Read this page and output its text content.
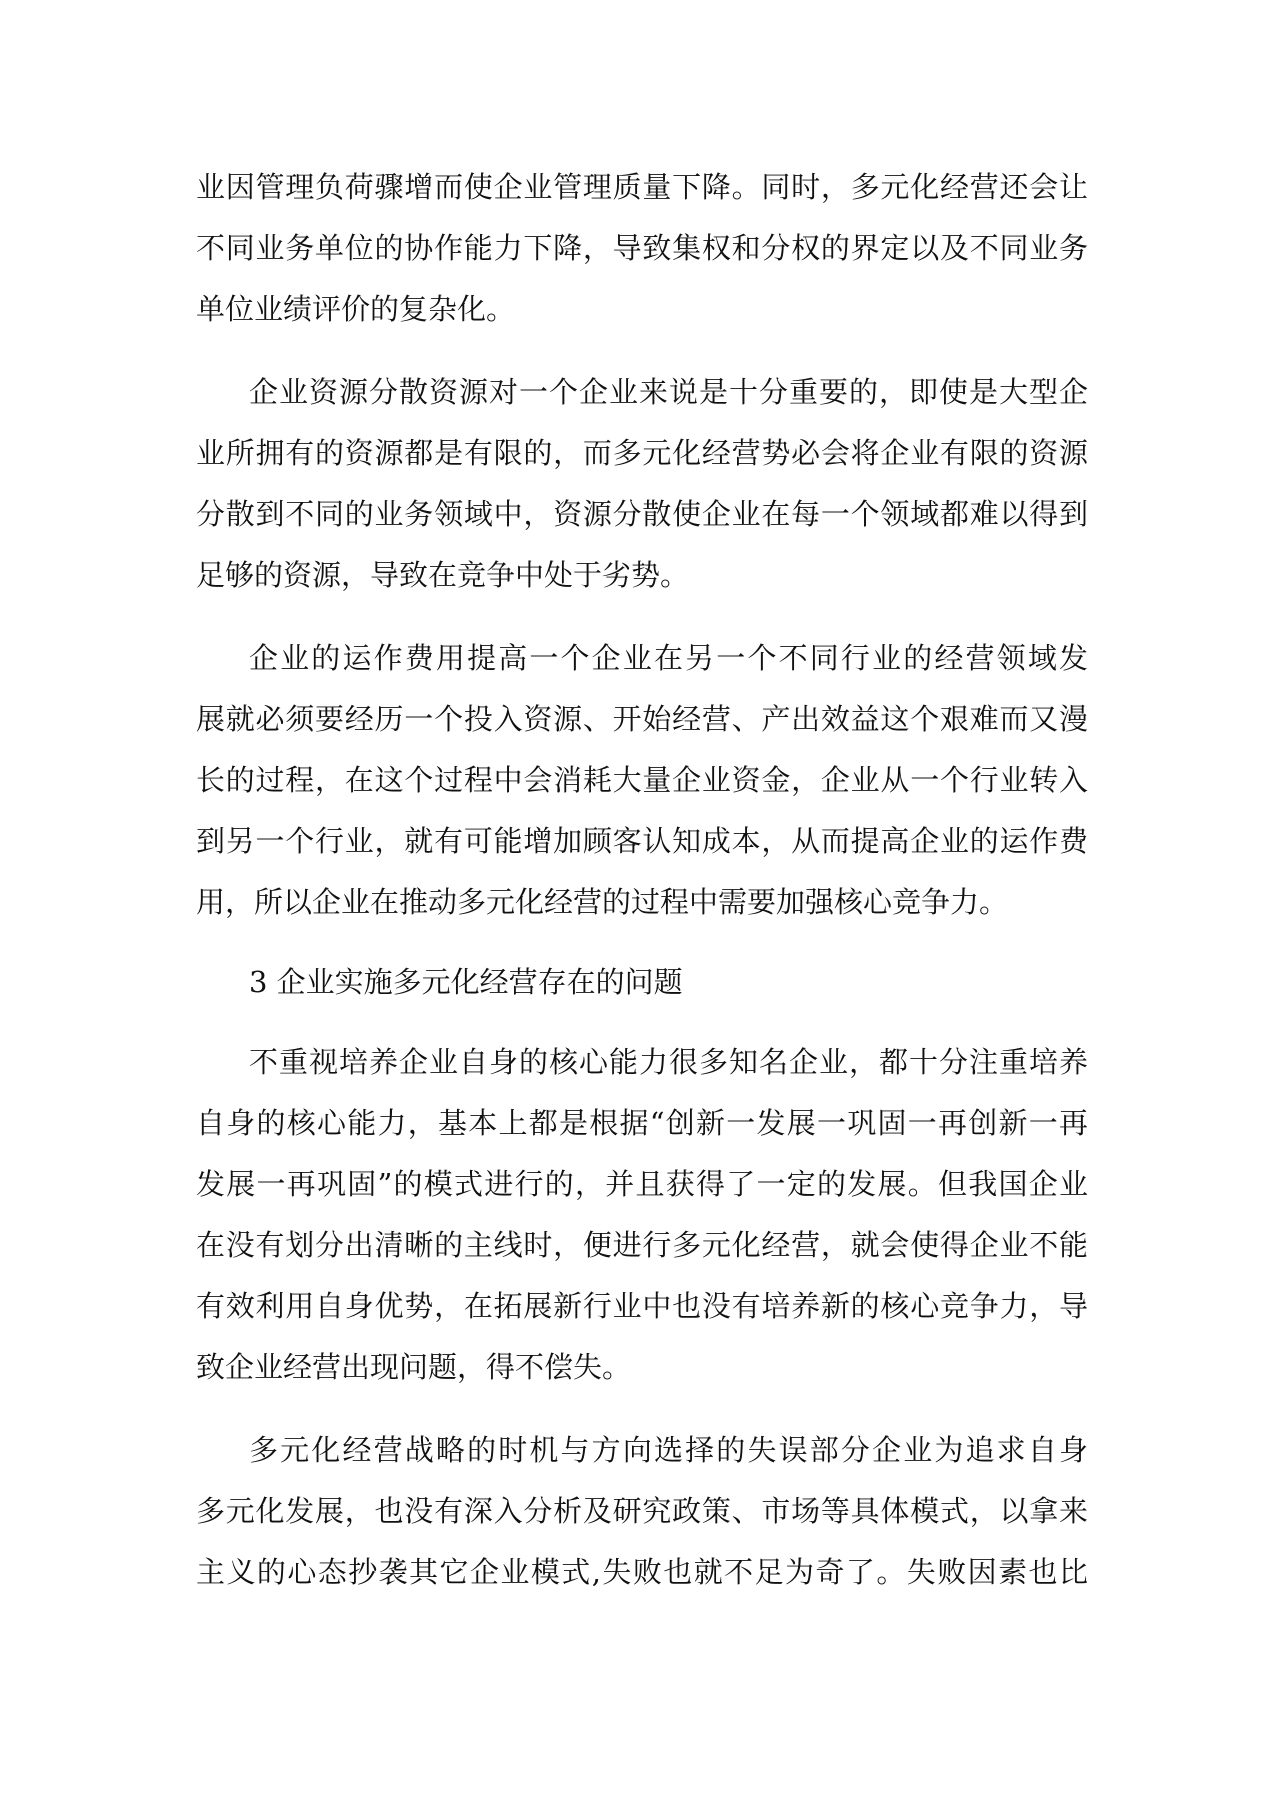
业因管理负荷骤增而使企业管理质量下降。同时，多元化经营还会让
不同业务单位的协作能力下降，导致集权和分权的界定以及不同业务
单位业绩评价的复杂化。
企业资源分散资源对一个企业来说是十分重要的，即使是大型企
业所拥有的资源都是有限的，而多元化经营势必会将企业有限的资源
分散到不同的业务领域中，资源分散使企业在每一个领域都难以得到
足够的资源，导致在竞争中处于劣势。
企业的运作费用提高一个企业在另一个不同行业的经营领域发
展就必须要经历一个投入资源、开始经营、产出效益这个艰难而又漫
长的过程，在这个过程中会消耗大量企业资金，企业从一个行业转入
到另一个行业，就有可能增加顾客认知成本，从而提高企业的运作费
用，所以企业在推动多元化经营的过程中需要加强核心竞争力。
3 企业实施多元化经营存在的问题
不重视培养企业自身的核心能力很多知名企业，都十分注重培养
自身的核心能力，基本上都是根据“创新一发展一巩固一再创新一再
发展一再巩固”的模式进行的，并且获得了一定的发展。但我国企业
在没有划分出清晰的主线时，便进行多元化经营，就会使得企业不能
有效利用自身优势，在拓展新行业中也没有培养新的核心竞争力，导
致企业经营出现问题，得不偿失。
多元化经营战略的时机与方向选择的失误部分企业为追求自身
多元化发展，也没有深入分析及研究政策、市场等具体模式，以拿来
主义的心态抄袭其它企业模式,失败也就不足为奇了。失败因素也比
